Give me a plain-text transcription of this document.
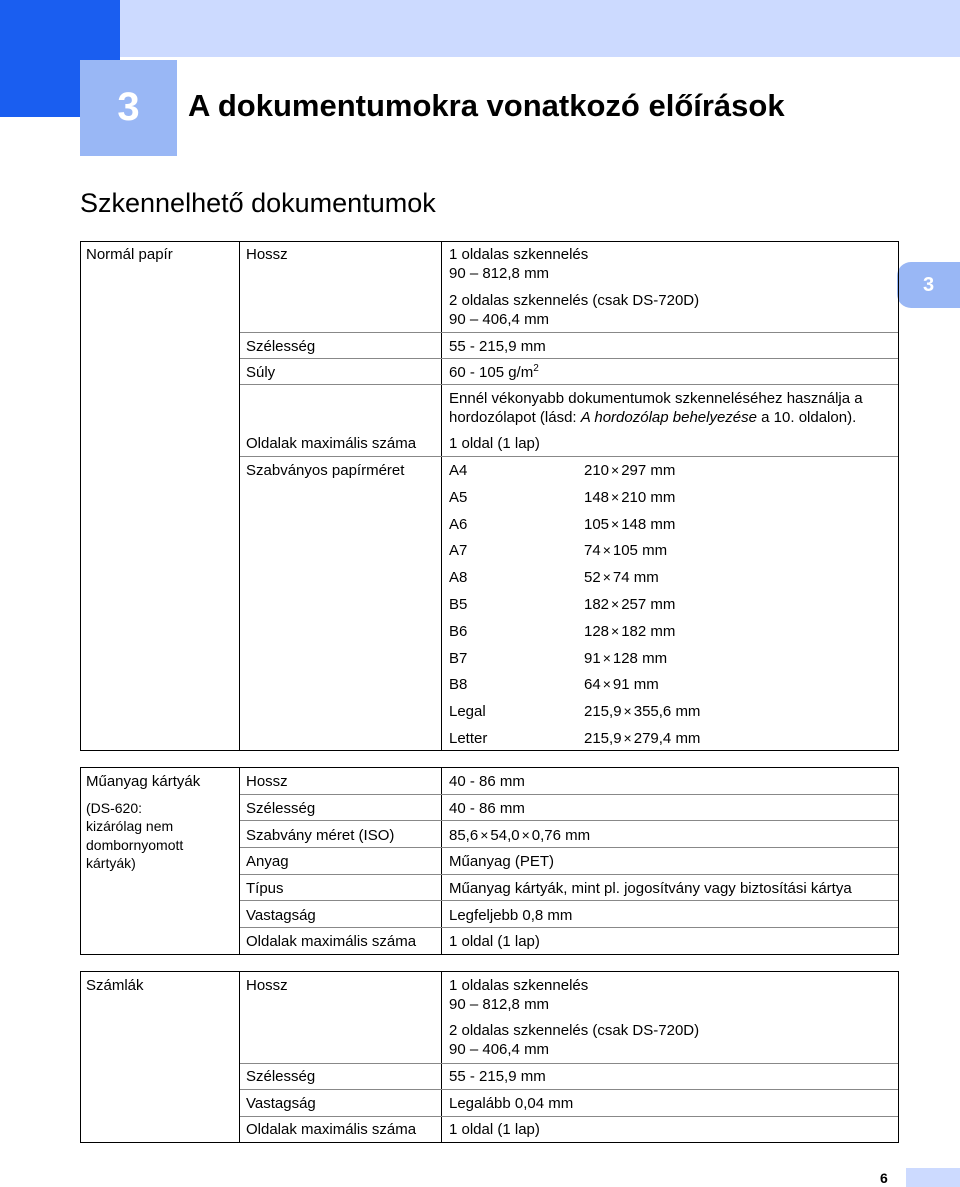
3	A dokumentumokra vonatkozó előírások
Szkennelhető dokumentumok
3
Normál papír	Hossz	1 oldalas szkennelés
90 – 812,8 mm
2 oldalas szkennelés (csak DS-720D)
90 – 406,4 mm
Szélesség	55 - 215,9 mm
Súly	60 - 105 $g/m^2$
Ennél vékonyabb dokumentumok szkenneléséhez használja a
hordozólapot (lásd: A hordozólap behelyezése a 10. oldalon).
Oldalak maximális száma 1 oldal (1 lap)
Szabványos papírméret	A4	210 × 297 mm
A5	148 × 210 mm
A6	105 × 148 mm
A7	74 × 105 mm
A8	52 × 74 mm
B5	182 × 257 mm
B6	128 × 182 mm
B7	91 × 128 mm
B8	64 × 91 mm
Legal	215,9 × 355,6 mm
Letter	215,9 × 279,4 mm
Műanyag kártyák
(DS-620:
kizárólag nem
dombornyomott
kártyák)
Hossz	40 - 86 mm
Szélesség	40 - 86 mm
Szabvány méret (ISO)	85,6 × 54,0 × 0,76 mm
Anyag	Műanyag (PET)
Típus	Műanyag kártyák, mint pl. jogosítvány vagy biztosítási kártya
Vastagság	Legfeljebb 0,8 mm
Oldalak maximális száma 1 oldal (1 lap)
Számlák	Hossz	1 oldalas szkennelés
90 – 812,8 mm
2 oldalas szkennelés (csak DS-720D)
90 – 406,4 mm
Szélesség	55 - 215,9 mm
Vastagság	Legalább 0,04 mm
Oldalak maximális száma 1 oldal (1 lap)
6
